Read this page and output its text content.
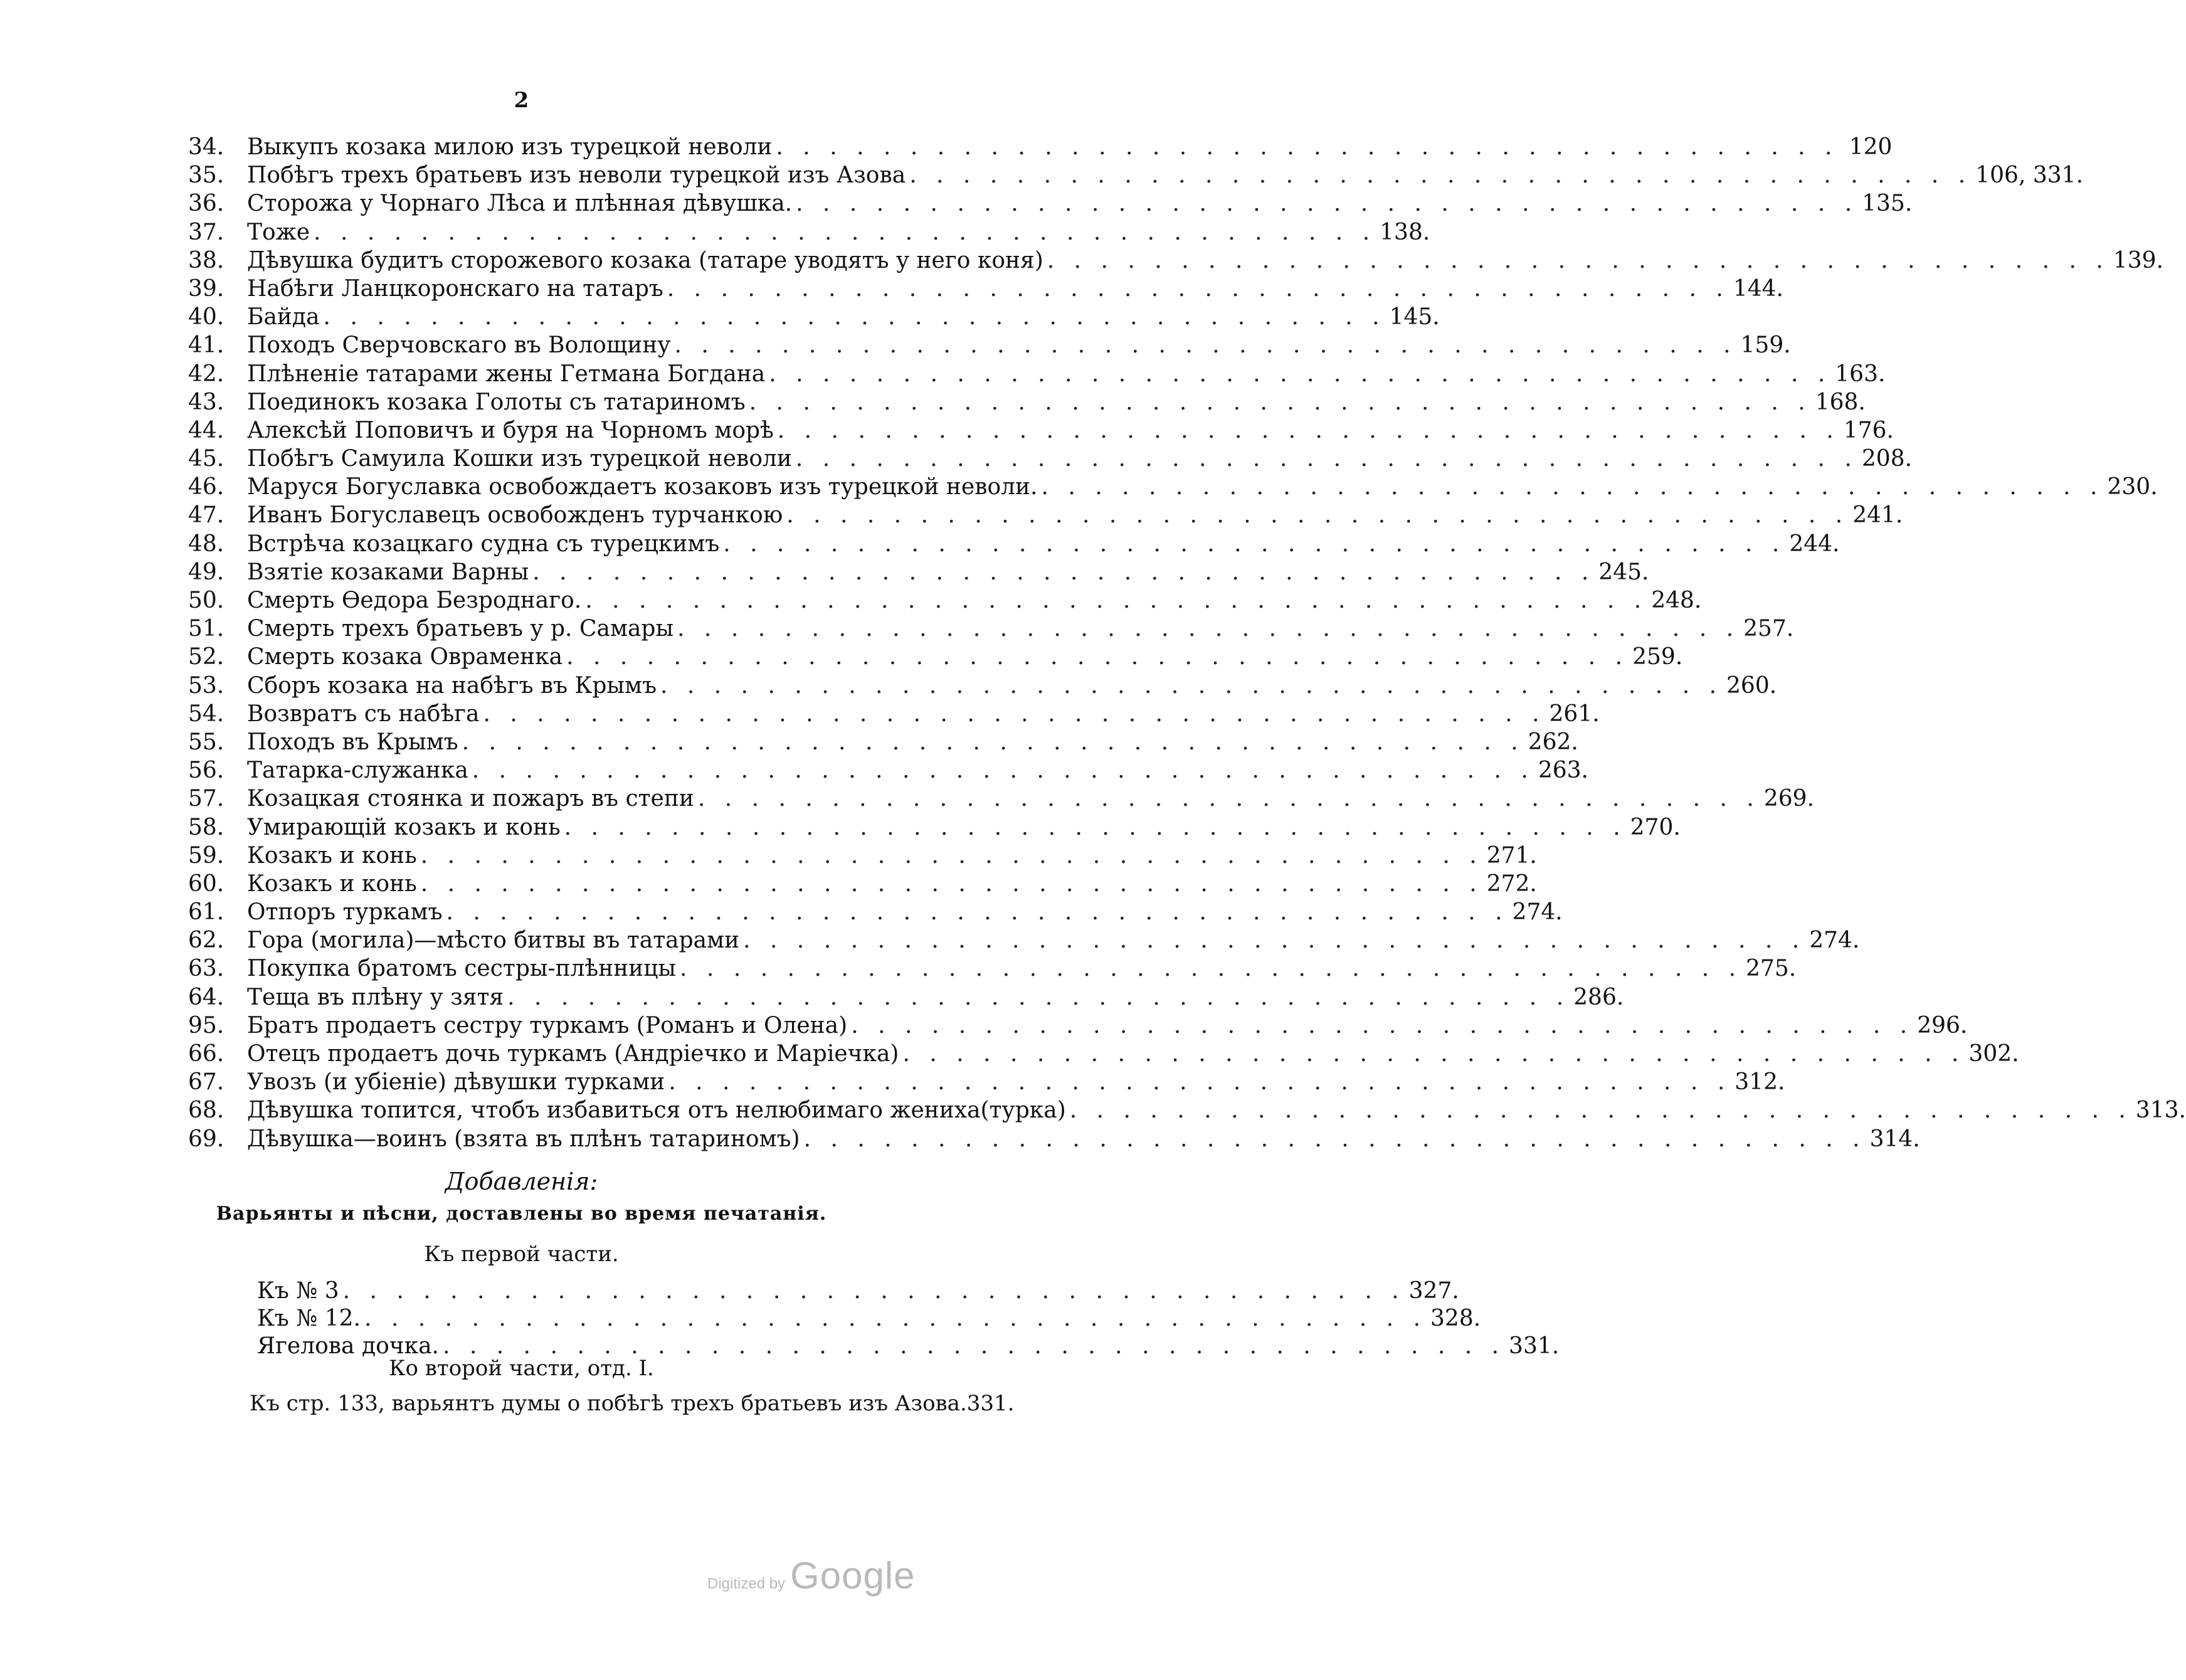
2
34.	Выкупъ козака милою изъ турецкой неволи . . .	120
35.	Побѣгъ трехъ братьевъ изъ неволи турецкой изъ Азова . . .	106, 331.
36.	Сторожа у Чорнаго Лѣса и плѣнная дѣвушка. . . .	135.
37.	Тоже . . .	138.
38.	Дѣвушка будитъ сторожевого козака (татаре уводятъ у него коня) . . .	139.
39.	Набѣги Ланцкоронскаго на татаръ . . .	144.
40.	Байда . . .	145.
41.	Походъ Сверчовскаго въ Волощину . . .	159.
42.	Плѣненіе татарами жены Гетмана Богдана . . .	163.
43.	Поединокъ козака Голоты съ татариномъ . . .	168.
44.	Алексѣй Поповичъ и буря на Чорномъ морѣ . . .	176.
45.	Побѣгъ Самуила Кошки изъ турецкой неволи . . .	208.
46.	Маруся Богуславка освобождаетъ козаковъ изъ турецкой неволи. . . .	230.
47.	Иванъ Богуславецъ освобожденъ турчанкою . . .	241.
48.	Встрѣча козацкаго судна съ турецкимъ . . .	244.
49.	Взятіе козаками Варны . . .	245.
50.	Смерть Ѳедора Безроднаго. . . .	248.
51.	Смерть трехъ братьевъ у р. Самары . . .	257.
52.	Смерть козака Овраменка . . .	259.
53.	Сборъ козака на набѣгъ въ Крымъ . . .	260.
54.	Возвратъ съ набѣга . . .	261.
55.	Походъ въ Крымъ . . .	262.
56.	Татарка-служанка . . .	263.
57.	Козацкая стоянка и пожаръ въ степи . . .	269.
58.	Умирающій козакъ и конь . . .	270.
59.	Козакъ и конь . . .	271.
60.	Козакъ и конь . . .	272.
61.	Отпоръ туркамъ . . .	274.
62.	Гора (могила)—мѣсто битвы въ татарами . . .	274.
63.	Покупка братомъ сестры-плѣнницы . . .	275.
64.	Теща въ плѣну у зятя . . .	286.
95.	Братъ продаетъ сестру туркамъ (Романъ и Олена) . . .	296.
66.	Отецъ продаетъ дочь туркамъ (Андріечко и Маріечка) . . .	302.
67.	Увозъ (и убіеніе) дѣвушки турками . . .	312.
68.	Дѣвушка топится, чтобъ избавиться отъ нелюбимаго жениха(турка) . . .	313.
69.	Дѣвушка—воинъ (взята въ плѣнъ татариномъ) . . .	314.
Добавленія:
Варьянты и пѣсни, доставлены во время печатанія.
Къ первой части.
Къ № 3 . . .	327.
Къ № 12. . . .	328.
Ягелова дочка. . . .	331.
Ко второй части, отд. I.
Къ стр. 133, варьянтъ думы о побѣгѣ трехъ братьевъ изъ Азова. 331.
Digitized by Google
